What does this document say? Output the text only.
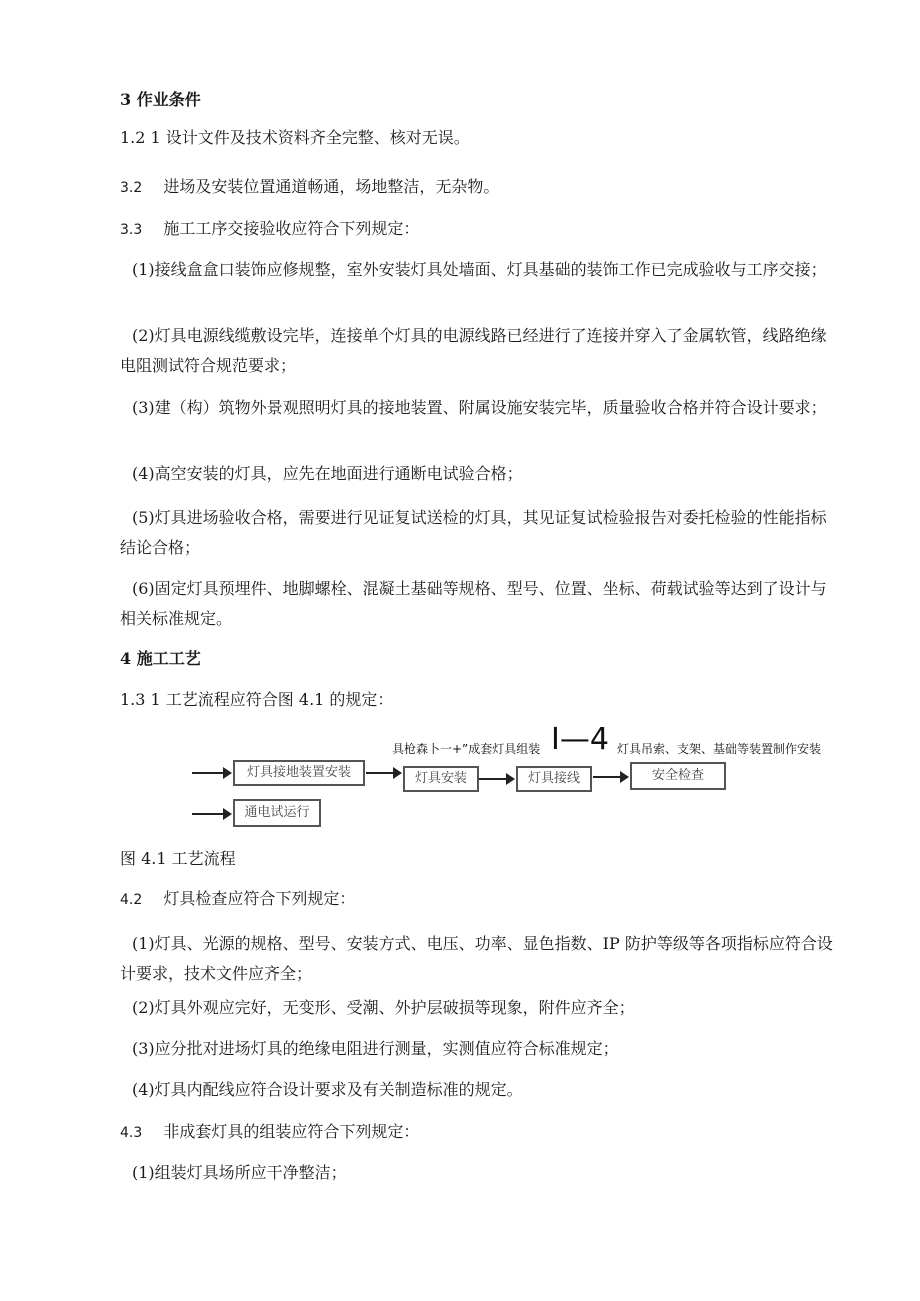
3 作业条件
1.2 1 设计文件及技术资料齐全完整、核对无误。
3.2 进场及安装位置通道畅通，场地整洁，无杂物。
3.3 施工工序交接验收应符合下列规定：
(1)接线盒盒口装饰应修规整，室外安装灯具处墙面、灯具基础的装饰工作已完成验收与工序交接；
(2)灯具电源线缆敷设完毕，连接单个灯具的电源线路已经进行了连接并穿入了金属软管，线路绝缘电阻测试符合规范要求；
(3)建（构）筑物外景观照明灯具的接地装置、附属设施安装完毕，质量验收合格并符合设计要求；
(4)高空安装的灯具，应先在地面进行通断电试验合格；
(5)灯具进场验收合格，需要进行见证复试送检的灯具，其见证复试检验报告对委托检验的性能指标结论合格；
(6)固定灯具预埋件、地脚螺栓、混凝土基础等规格、型号、位置、坐标、荷载试验等达到了设计与相关标准规定。
4 施工工艺
1.3 1 工艺流程应符合图 4.1 的规定：
具枪森卜一+”成套灯具组装 I—4 灯具吊索、支架、基础等装置制作安装
灯具接地装置安装	灯具安装	灯具接线	安全检查
通电试运行
图 4.1 工艺流程
4.2 灯具检查应符合下列规定：
(1)灯具、光源的规格、型号、安装方式、电压、功率、显色指数、IP 防护等级等各项指标应符合设计要求，技术文件应齐全；
(2)灯具外观应完好，无变形、受潮、外护层破损等现象，附件应齐全；
(3)应分批对进场灯具的绝缘电阻进行测量，实测值应符合标准规定；
(4)灯具内配线应符合设计要求及有关制造标准的规定。
4.3 非成套灯具的组装应符合下列规定：
(1)组装灯具场所应干净整洁；
